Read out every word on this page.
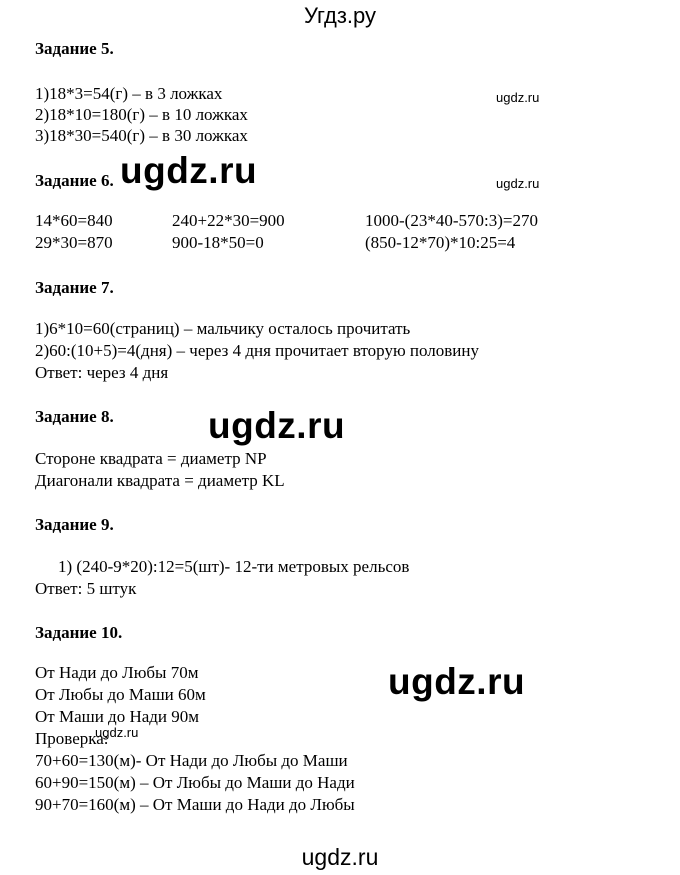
Угдз.ру
Задание 5.
1)18*3=54(г) – в 3 ложках
2)18*10=180(г) – в 10 ложках
3)18*30=540(г) – в 30 ложках
ugdz.ru
Задание 6. ugdz.ru	ugdz.ru
14*60=840	240+22*30=900	1000-(23*40-570:3)=270
29*30=870	900-18*50=0	(850-12*70)*10:25=4
Задание 7.
1)6*10=60(страниц) – мальчику осталось прочитать
2)60:(10+5)=4(дня) – через 4 дня прочитает вторую половину
Ответ: через 4 дня
Задание 8.	ugdz.ru
Стороне квадрата = диаметр NP
Диагонали квадрата = диаметр KL
Задание 9.
1) (240-9*20):12=5(шт)- 12-ти метровых рельсов
Ответ: 5 штук
Задание 10.
ugdz.ru
От Нади до Любы 70м
От Любы до Маши 60м
От Маши до Нади 90м
Проверка:
ugdz.ru
70+60=130(м)- От Нади до Любы до Маши
60+90=150(м) – От Любы до Маши до Нади
90+70=160(м) – От Маши до Нади до Любы
ugdz.ru
